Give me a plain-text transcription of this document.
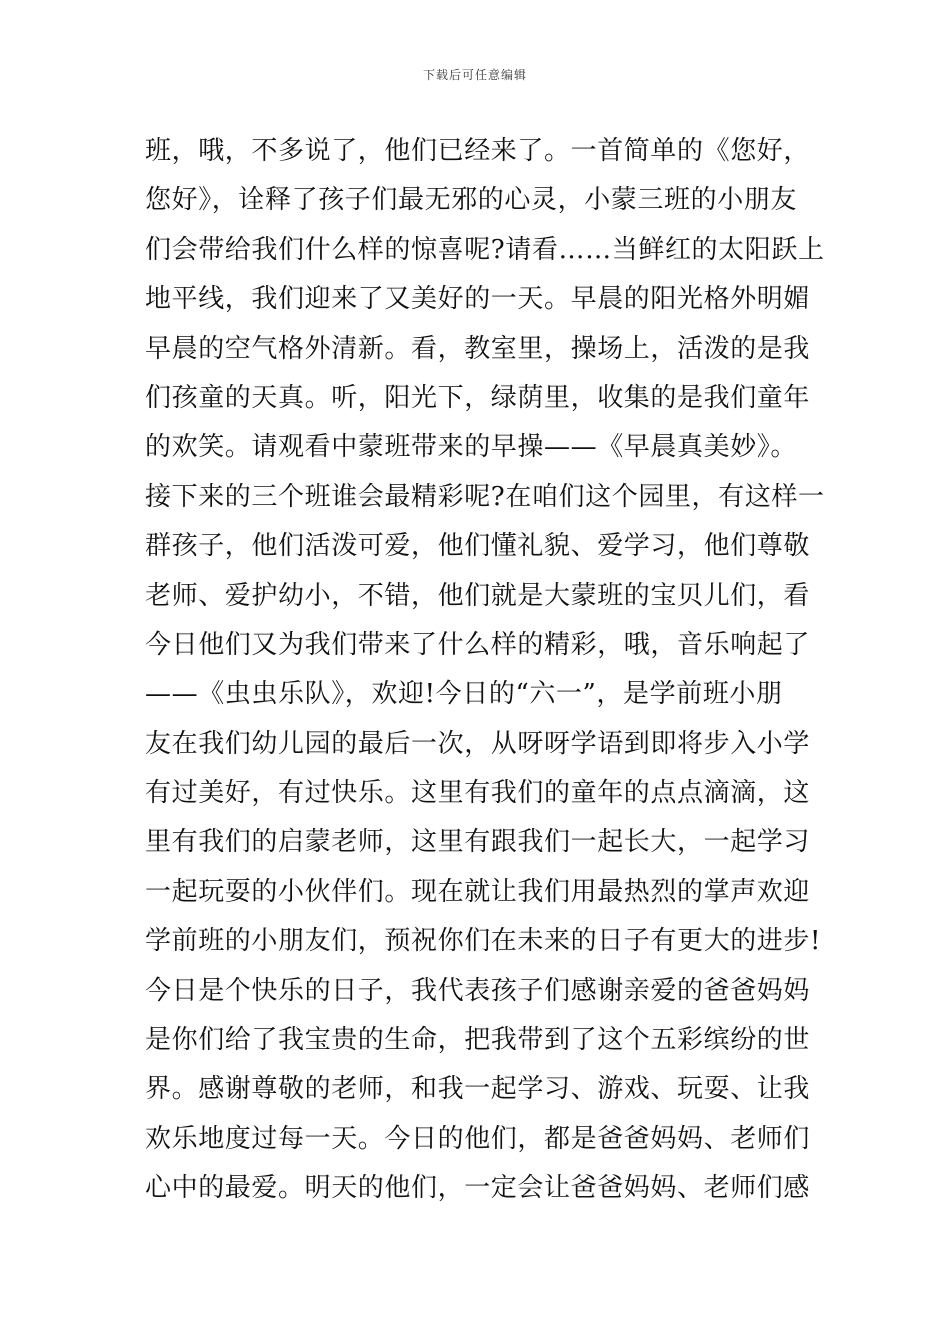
下载后可任意编辑
班，哦，不多说了，他们已经来了。一首简单的《您好，
您好》，诠释了孩子们最无邪的心灵，小蒙三班的小朋友
们会带给我们什么样的惊喜呢?请看……当鲜红的太阳跃上
地平线，我们迎来了又美好的一天。早晨的阳光格外明媚
早晨的空气格外清新。看，教室里，操场上，活泼的是我
们孩童的天真。听，阳光下，绿荫里，收集的是我们童年
的欢笑。请观看中蒙班带来的早操——《早晨真美妙》。
接下来的三个班谁会最精彩呢?在咱们这个园里，有这样一
群孩子，他们活泼可爱，他们懂礼貌、爱学习，他们尊敬
老师、爱护幼小，不错，他们就是大蒙班的宝贝儿们，看
今日他们又为我们带来了什么样的精彩，哦，音乐响起了
——《虫虫乐队》，欢迎!今日的“六一”，是学前班小朋
友在我们幼儿园的最后一次，从呀呀学语到即将步入小学
有过美好，有过快乐。这里有我们的童年的点点滴滴，这
里有我们的启蒙老师，这里有跟我们一起长大，一起学习
一起玩耍的小伙伴们。现在就让我们用最热烈的掌声欢迎
学前班的小朋友们，预祝你们在未来的日子有更大的进步!
今日是个快乐的日子，我代表孩子们感谢亲爱的爸爸妈妈
是你们给了我宝贵的生命，把我带到了这个五彩缤纷的世
界。感谢尊敬的老师，和我一起学习、游戏、玩耍、让我
欢乐地度过每一天。今日的他们，都是爸爸妈妈、老师们
心中的最爱。明天的他们，一定会让爸爸妈妈、老师们感
